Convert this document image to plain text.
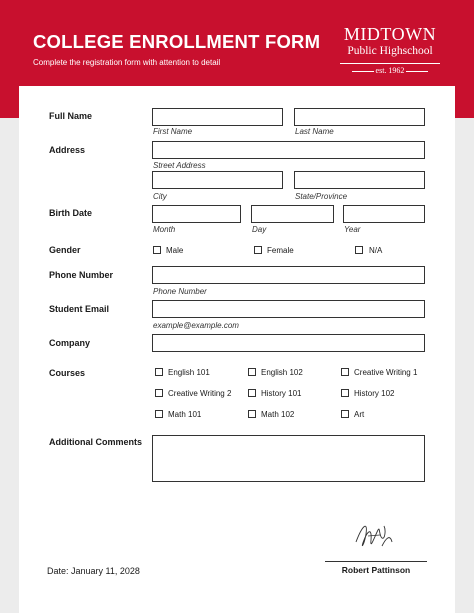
COLLEGE ENROLLMENT FORM
Complete the registration form with attention to detail
MIDTOWN
Public Highschool
est. 1962
Full Name
First Name	Last Name
Address
Street Address
City	State/Province
Birth Date
Month	Day	Year
Gender	Male	Female	N/A
Phone Number
Phone Number
Student Email
example@example.com
Company
Courses	English 101	English 102	Creative Writing 1
Creative Writing 2	History 101	History 102
Math 101	Math 102	Art
Additional Comments
Date: January 11, 2028	Robert Pattinson
